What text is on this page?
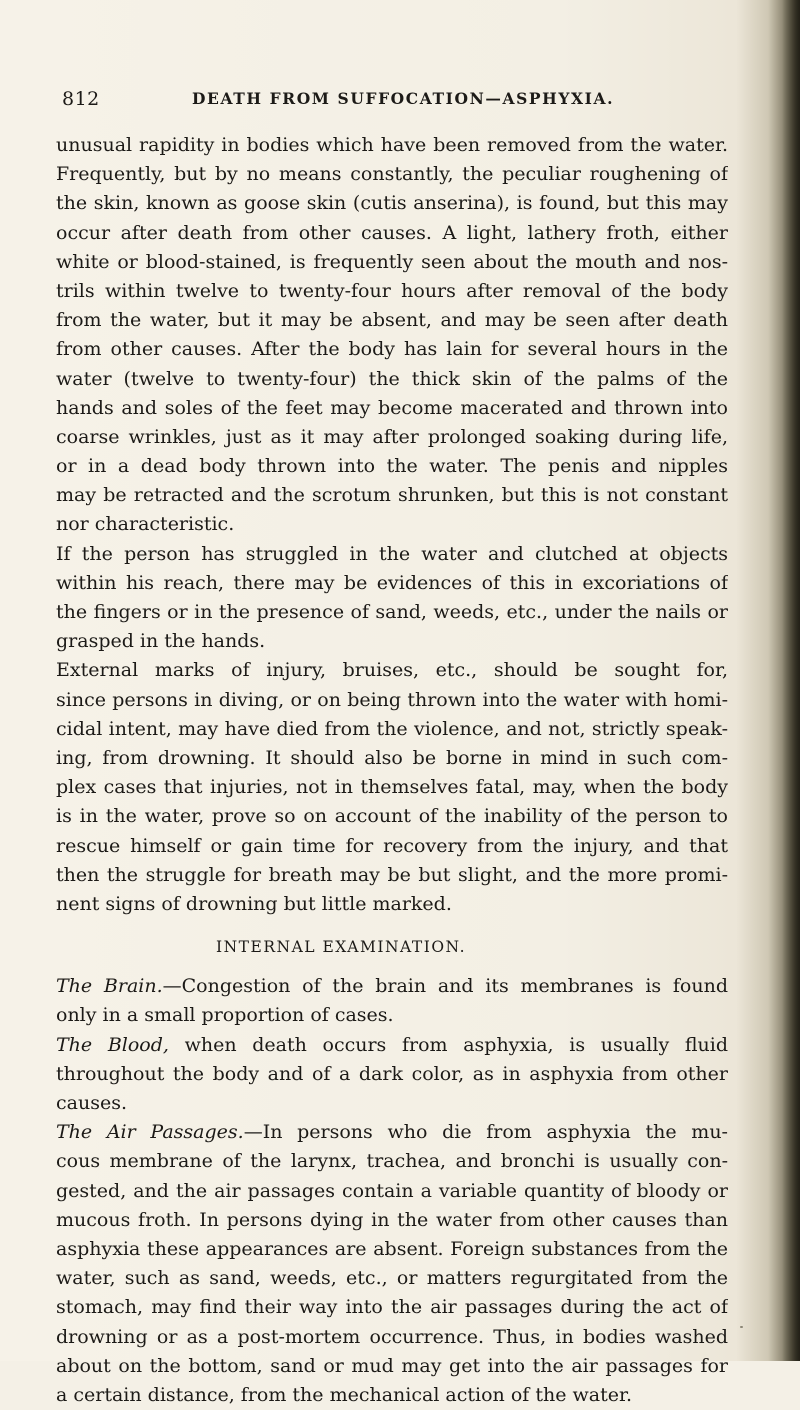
812	DEATH FROM SUFFOCATION—ASPHYXIA.
unusual rapidity in bodies which have been removed from the water.
Frequently, but by no means constantly, the peculiar roughening of
the skin, known as goose skin (cutis anserina), is found, but this may
occur after death from other causes. A light, lathery froth, either
white or blood-stained, is frequently seen about the mouth and nos-
trils within twelve to twenty-four hours after removal of the body
from the water, but it may be absent, and may be seen after death
from other causes. After the body has lain for several hours in the
water (twelve to twenty-four) the thick skin of the palms of the
hands and soles of the feet may become macerated and thrown into
coarse wrinkles, just as it may after prolonged soaking during life,
or in a dead body thrown into the water. The penis and nipples
may be retracted and the scrotum shrunken, but this is not constant
nor characteristic.
If the person has struggled in the water and clutched at objects
within his reach, there may be evidences of this in excoriations of
the fingers or in the presence of sand, weeds, etc., under the nails or
grasped in the hands.
External marks of injury, bruises, etc., should be sought for,
since persons in diving, or on being thrown into the water with homi-
cidal intent, may have died from the violence, and not, strictly speak-
ing, from drowning. It should also be borne in mind in such com-
plex cases that injuries, not in themselves fatal, may, when the body
is in the water, prove so on account of the inability of the person to
rescue himself or gain time for recovery from the injury, and that
then the struggle for breath may be but slight, and the more promi-
nent signs of drowning but little marked.
INTERNAL EXAMINATION.
The Brain.—Congestion of the brain and its membranes is found
only in a small proportion of cases.
The Blood, when death occurs from asphyxia, is usually fluid
throughout the body and of a dark color, as in asphyxia from other
causes.
The Air Passages.—In persons who die from asphyxia the mu-
cous membrane of the larynx, trachea, and bronchi is usually con-
gested, and the air passages contain a variable quantity of bloody or
mucous froth. In persons dying in the water from other causes than
asphyxia these appearances are absent. Foreign substances from the
water, such as sand, weeds, etc., or matters regurgitated from the
stomach, may find their way into the air passages during the act of
drowning or as a post-mortem occurrence. Thus, in bodies washed
about on the bottom, sand or mud may get into the air passages for
a certain distance, from the mechanical action of the water.
